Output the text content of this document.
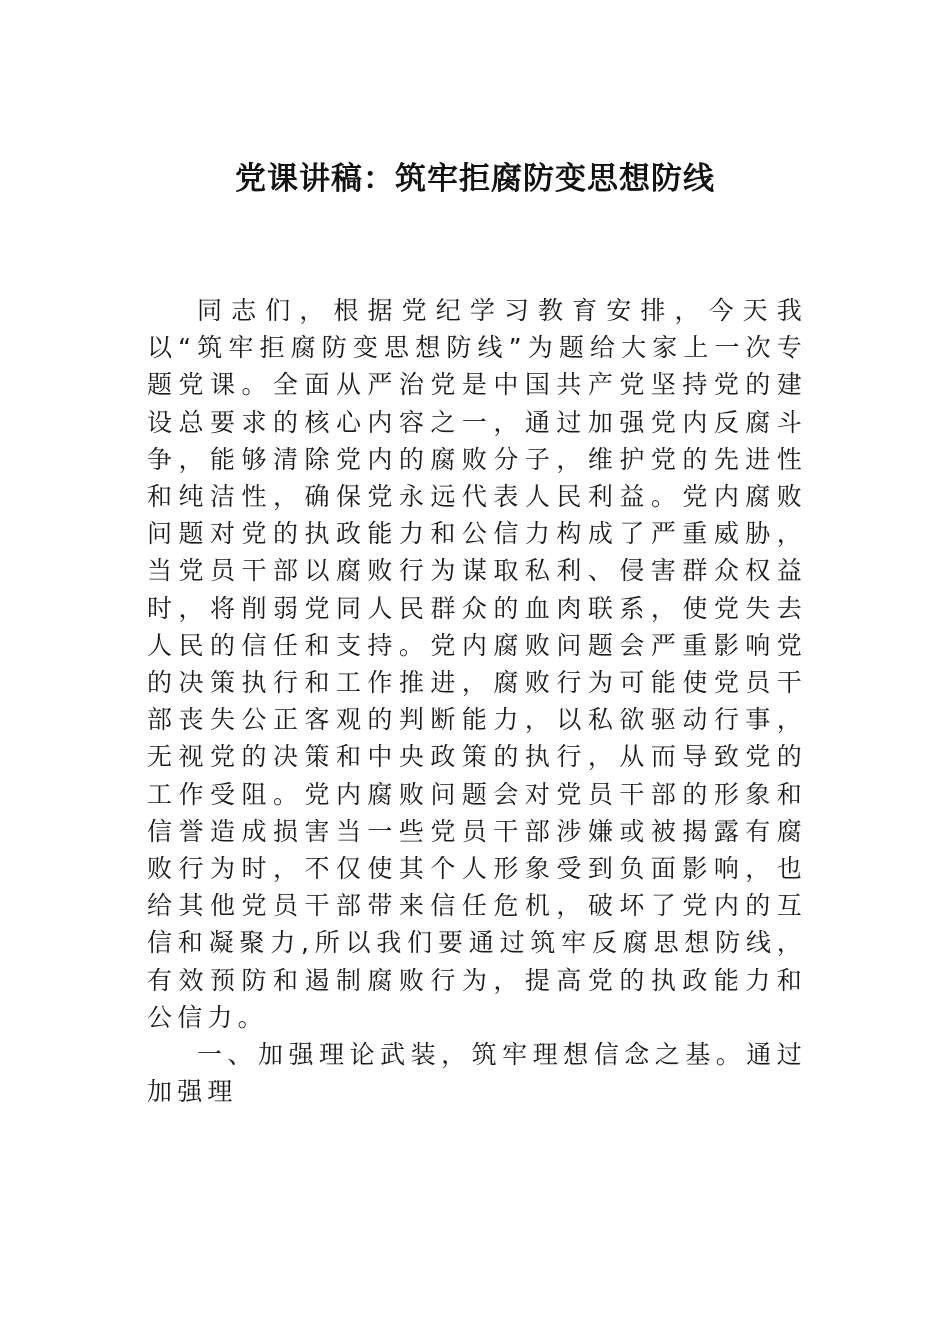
党课讲稿：筑牢拒腐防变思想防线

同志们，根据党纪学习教育安排，今天我以“筑牢拒腐防变思想防线”为题给大家上一次专题党课。全面从严治党是中国共产党坚持党的建设总要求的核心内容之一，通过加强党内反腐斗争，能够清除党内的腐败分子，维护党的先进性和纯洁性，确保党永远代表人民利益。党内腐败问题对党的执政能力和公信力构成了严重威胁，当党员干部以腐败行为谋取私利、侵害群众权益时，将削弱党同人民群众的血肉联系，使党失去人民的信任和支持。党内腐败问题会严重影响党的决策执行和工作推进，腐败行为可能使党员干部丧失公正客观的判断能力，以私欲驱动行事，无视党的决策和中央政策的执行，从而导致党的工作受阻。党内腐败问题会对党员干部的形象和信誉造成损害当一些党员干部涉嫌或被揭露有腐败行为时，不仅使其个人形象受到负面影响，也给其他党员干部带来信任危机，破坏了党内的互信和凝聚力,所以我们要通过筑牢反腐思想防线，有效预防和遏制腐败行为，提高党的执政能力和公信力。

一、加强理论武装，筑牢理想信念之基。通过加强理
